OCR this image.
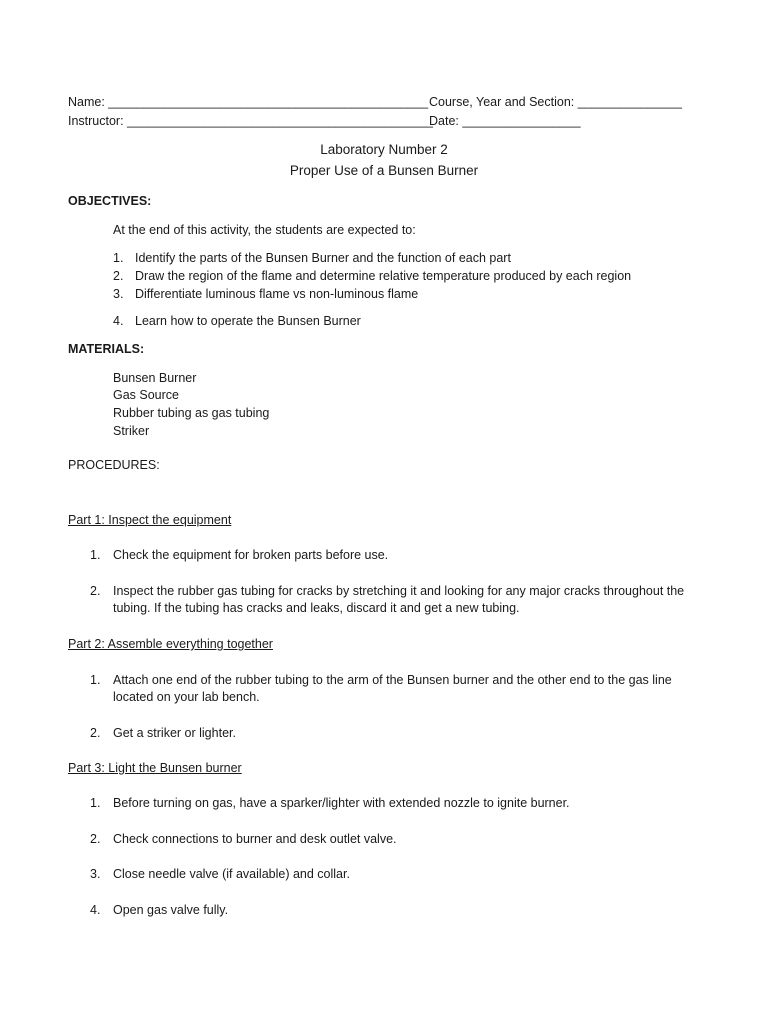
Name: ______________________________________________ Course, Year and Section: _______________
Instructor: ____________________________________________
Date: _________________
Laboratory Number 2
Proper Use of a Bunsen Burner
OBJECTIVES:
At the end of this activity, the students are expected to:
1. Identify the parts of the Bunsen Burner and the function of each part
2. Draw the region of the flame and determine relative temperature produced by each region
3. Differentiate luminous flame vs non-luminous flame
4. Learn how to operate the Bunsen Burner
MATERIALS:
Bunsen Burner
Gas Source
Rubber tubing as gas tubing
Striker
PROCEDURES:
Part 1: Inspect the equipment
1. Check the equipment for broken parts before use.
2. Inspect the rubber gas tubing for cracks by stretching it and looking for any major cracks throughout the
tubing. If the tubing has cracks and leaks, discard it and get a new tubing.
Part 2: Assemble everything together
1. Attach one end of the rubber tubing to the arm of the Bunsen burner and the other end to the gas line
located on your lab bench.
2. Get a striker or lighter.
Part 3: Light the Bunsen burner
1. Before turning on gas, have a sparker/lighter with extended nozzle to ignite burner.
2. Check connections to burner and desk outlet valve.
3. Close needle valve (if available) and collar.
4. Open gas valve fully.
